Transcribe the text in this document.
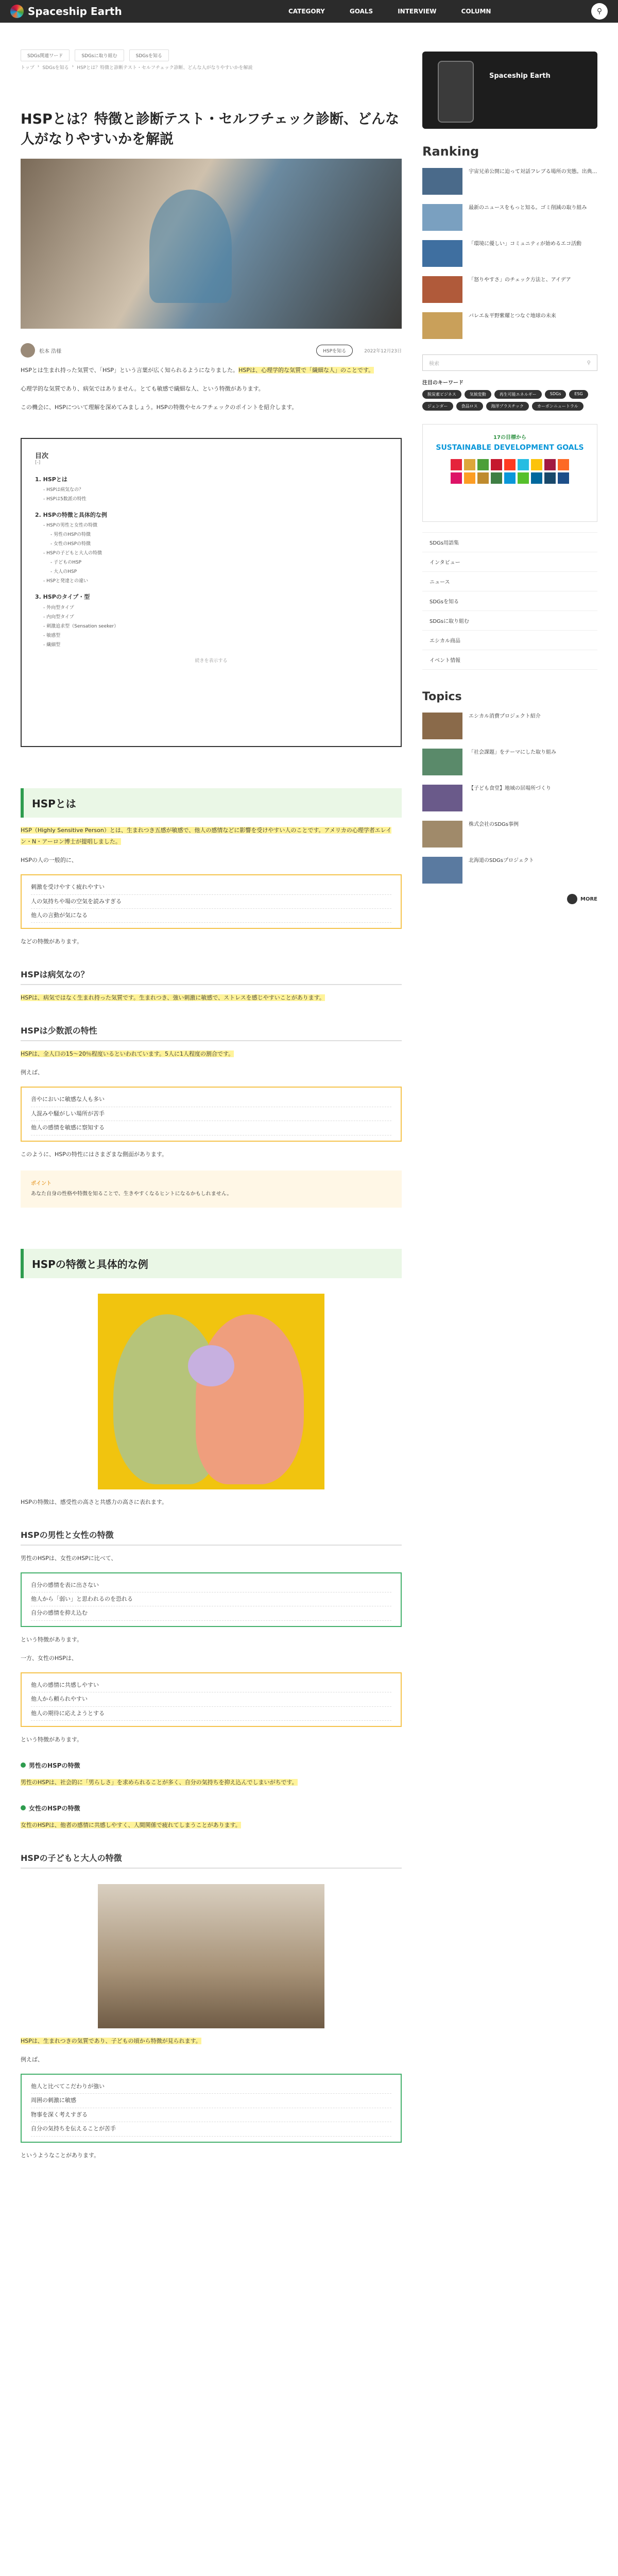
Spaceship Earth	CATEGORY	GOALS	INTERVIEW	COLUMN	⚲
SDGs関連ワード	SDGsに取り組む	SDGsを知る
トップ › SDGsを知る › HSPとは？特徴と診断テスト・セルフチェック診断、どんな人がなりやすいかを解説
HSPとは？特徴と診断テスト・セルフチェック診断、どんな人がなりやすいかを解説
松本 浩様	HSPを知る	2022年12月23日

HSPとは生まれ持った気質で、「HSP」という言葉が広く知られるようになりました。HSPは、心理学的な気質で「繊細な人」のことです。

心理学的な気質であり、病気ではありません。とても敏感で繊細な人、という特徴があります。

この機会に、HSPについて理解を深めてみましょう。HSPの特徴やセルフチェックのポイントを紹介します。

目次
[-]
1. HSPとは
- HSPは病気なの？
- HSPは5数派の特性
2. HSPの特徴と具体的な例
- HSPの男性と女性の特徴
- 男性のHSPの特徴
- 女性のHSPの特徴
- HSPの子どもと大人の特徴
- 子どものHSP
- 大人のHSP
- HSPと発達との違い
3. HSPのタイプ・型
- 外向型タイプ
- 内向型タイプ
- 刺激追求型（Sensation seeker）
- 敏感型
- 繊細型
続きを表示する
HSPとは

HSP（Highly Sensitive Person）とは、生まれつき五感が敏感で、他人の感情などに影響を受けやすい人のことです。アメリカの心理学者エレイン・N・アーロン博士が提唱しました。

HSPの人の一般的に、

刺激を受けやすく疲れやすい
人の気持ちや場の空気を読みすぎる
他人の言動が気になる

などの特徴があります。

HSPは病気なの？

HSPは、病気ではなく生まれ持った気質です。生まれつき、強い刺激に敏感で、ストレスを感じやすいことがあります。

HSPは少数派の特性

HSPは、全人口の15〜20％程度いるといわれています。5人に1人程度の割合です。

例えば、

音やにおいに敏感な人も多い
人混みや騒がしい場所が苦手
他人の感情を敏感に察知する

このように、HSPの特性にはさまざまな側面があります。

ポイント
あなた自身の性格や特徴を知ることで、生きやすくなるヒントになるかもしれません。
HSPの特徴と具体的な例

HSPの特徴は、感受性の高さと共感力の高さに表れます。

HSPの男性と女性の特徴

男性のHSPは、女性のHSPに比べて、

自分の感情を表に出さない
他人から「弱い」と思われるのを恐れる
自分の感情を抑え込む

という特徴があります。

一方、女性のHSPは、

他人の感情に共感しやすい
他人から頼られやすい
他人の期待に応えようとする

という特徴があります。

男性のHSPの特徴

男性のHSPは、社会的に「男らしさ」を求められることが多く、自分の気持ちを抑え込んでしまいがちです。

女性のHSPの特徴

女性のHSPは、他者の感情に共感しやすく、人間関係で疲れてしまうことがあります。

HSPの子どもと大人の特徴

HSPは、生まれつきの気質であり、子どもの頃から特徴が見られます。

例えば、

他人と比べてこだわりが強い
周囲の刺激に敏感
物事を深く考えすぎる
自分の気持ちを伝えることが苦手

というようなことがあります。

Spaceship Earth
Ranking
宇宙兄弟公開に迫って対話フレブる場所の実態。出典...
最新のニュースをもっと知る。ゴミ削減の取り組み
「環境に優しい」コミュニティが始めるエコ活動
「怒りやすさ」のチェック方法と、アイデア
バレエ＆平野紫耀とつなぐ地球の未来
検索	⚲
注目のキーワード
脱炭素ビジネス	気候変動	再生可能エネルギー	SDGs	ESG
ジェンダー	食品ロス	海洋プラスチック	カーボンニュートラル
17の目標から
SUSTAINABLE DEVELOPMENT GOALS
SDGs用語集
インタビュー
ニュース
SDGsを知る
SDGsに取り組む
エシカル商品
イベント情報
Topics
エシカル消費プロジェクト紹介
「社会課題」をテーマにした取り組み
【子ども食堂】地域の居場所づくり
株式会社のSDGs事例
北海道のSDGsプロジェクト
MORE
